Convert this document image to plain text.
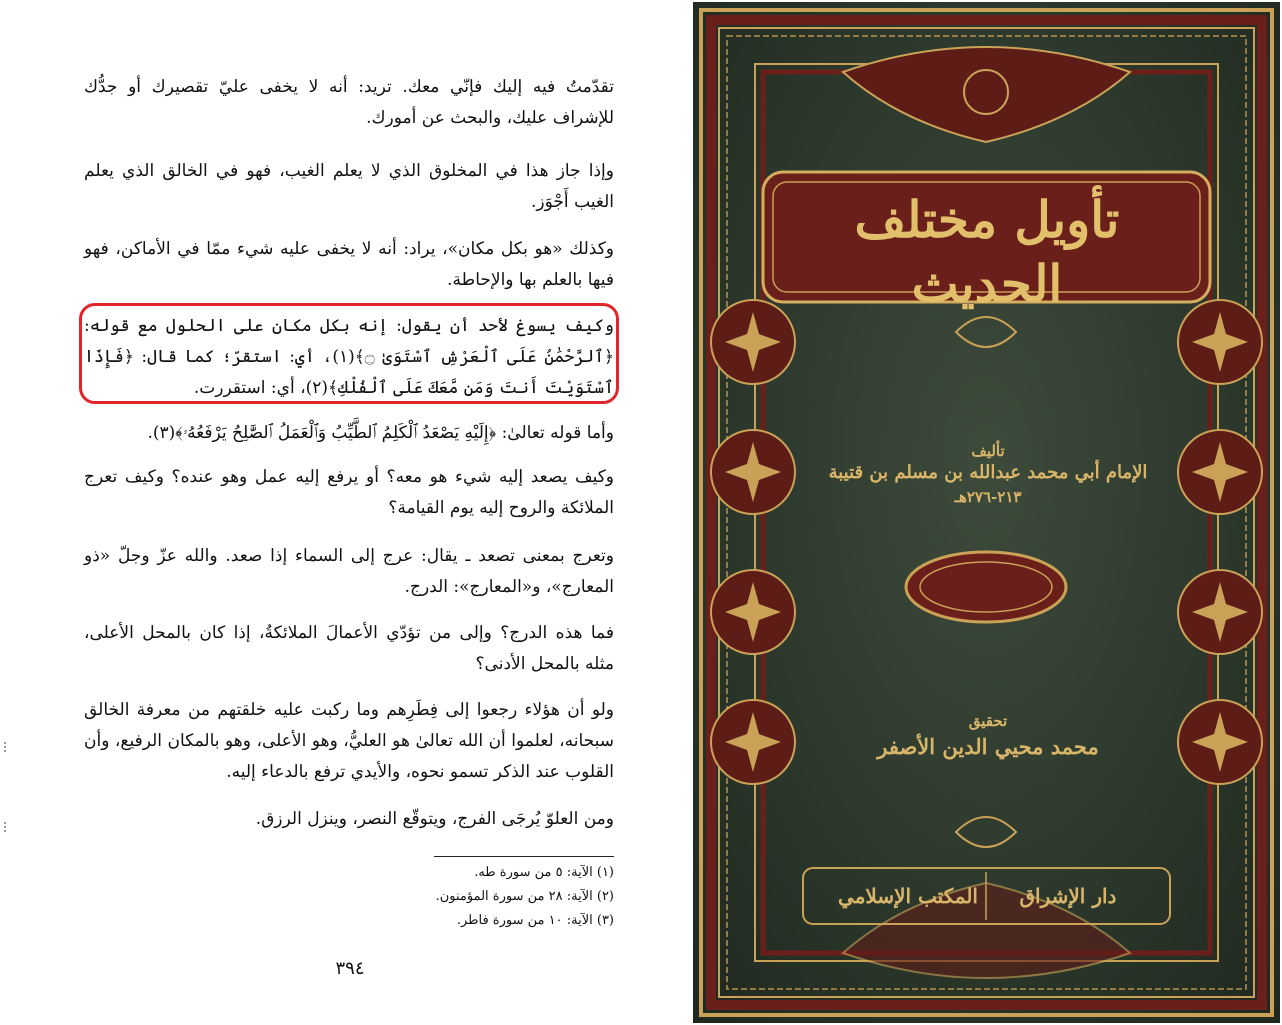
تقدّمتُ فيه إليك فإنّي معك. تريد: أنه لا يخفى عليّ تقصيرك أو جدُّك للإشراف عليك، والبحث عن أمورك.

وإذا جاز هذا في المخلوق الذي لا يعلم الغيب، فهو في الخالق الذي يعلم الغيب أَجْوَز.

وكذلك «هو بكل مكان»، يراد: أنه لا يخفى عليه شيء ممّا في الأماكن، فهو فيها بالعلم بها والإحاطة.

وكيف يسوغ لأحد أن يقول: إنه بكل مكان على الحلول مع قوله: ﴿ٱلرَّحْمَٰنُ عَلَى ٱلْعَرْشِ ٱسْتَوَىٰ ۝﴾(١)، أي: استقرّ؛ كما قال: ﴿فَإِذَا ٱسْتَوَيْتَ أَنتَ وَمَن مَّعَكَ عَلَى ٱلْفُلْكِ﴾(٢)، أي: استقررت.

وأما قوله تعالىٰ: ﴿إِلَيْهِ يَصْعَدُ ٱلْكَلِمُ ٱلطَّيِّبُ وَٱلْعَمَلُ ٱلصَّٰلِحُ يَرْفَعُهُۥ﴾(٣).

وكيف يصعد إليه شيء هو معه؟ أو يرفع إليه عمل وهو عنده؟ وكيف تعرج الملائكة والروح إليه يوم القيامة؟

وتعرج بمعنى تصعد ـ يقال: عرج إلى السماء إذا صعد. والله عزّ وجلّ «ذو المعارج»، و«المعارج»: الدرج.

فما هذه الدرج؟ وإلى من تؤدّي الأعمالَ الملائكةُ، إذا كان بالمحل الأعلى، مثله بالمحل الأدنى؟

ولو أن هؤلاء رجعوا إلى فِطَرِهم وما ركبت عليه خلقتهم من معرفة الخالق سبحانه، لعلموا أن الله تعالىٰ هو العليُّ، وهو الأعلى، وهو بالمكان الرفيع، وأن القلوب عند الذكر تسمو نحوه، والأيدي ترفع بالدعاء إليه.

ومن العلوّ يُرجَى الفرج، ويتوقّع النصر، وينزل الرزق.

(١) الآية: ٥ من سورة طه.
(٢) الآية: ٢٨ من سورة المؤمنون.
(٣) الآية: ١٠ من سورة فاطر.
٣٩٤
تأويل مختلف الحديث
تأليف
الإمام أبي محمد عبدالله بن مسلم بن قتيبة
٢١٣-٢٧٦هـ
تحقيق
محمد محيي الدين الأصفر
المكتب الإسلامي	دار الإشراق
